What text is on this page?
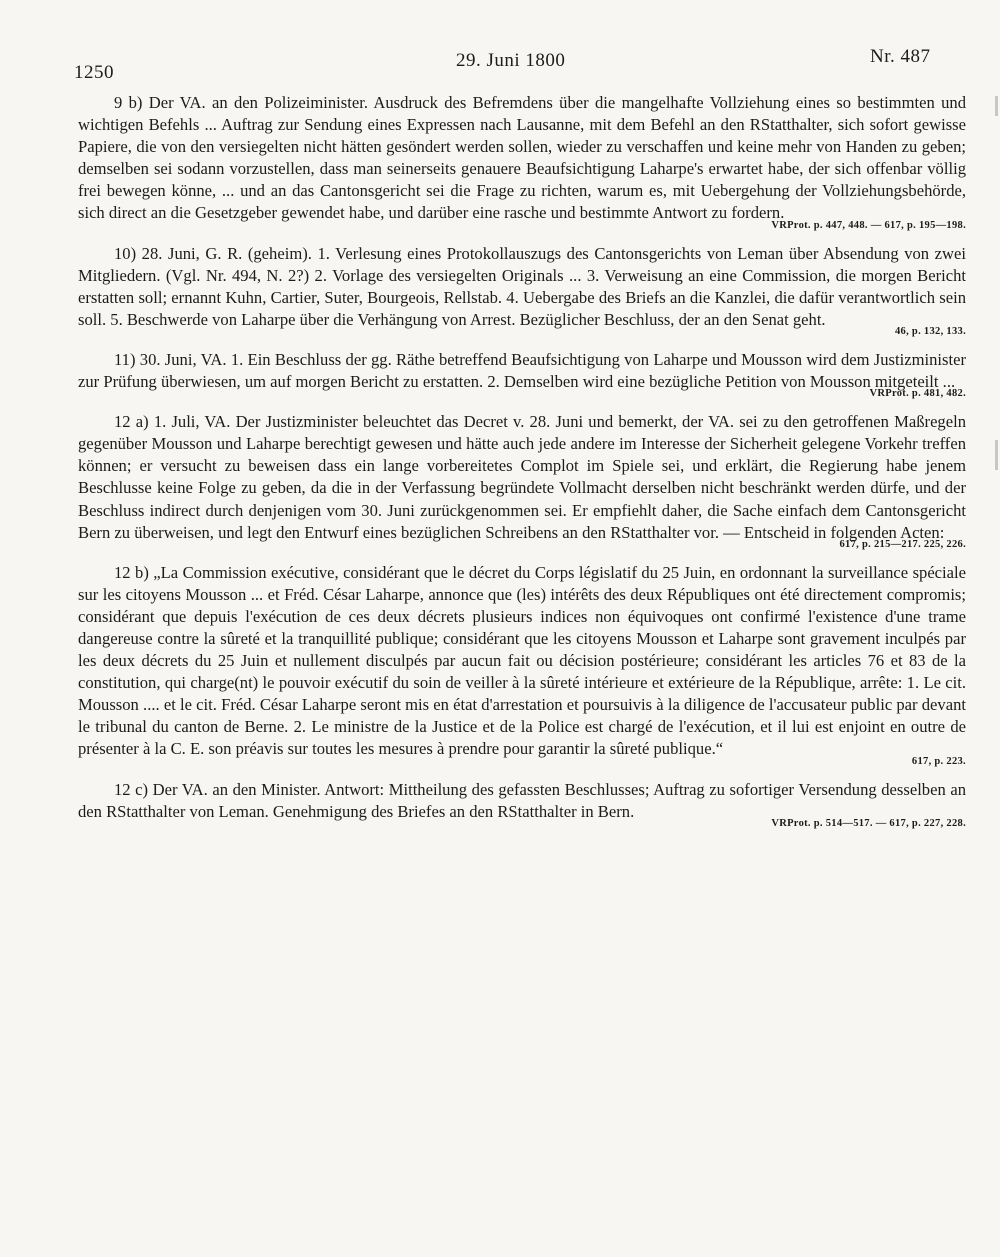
1250
29. Juni 1800	Nr. 487

9 b) Der VA. an den Polizeiminister. Ausdruck des Befremdens über die mangelhafte Vollziehung eines so bestimmten und wichtigen Befehls ... Auftrag zur Sendung eines Expressen nach Lausanne, mit dem Befehl an den RStatthalter, sich sofort gewisse Papiere, die von den versiegelten nicht hätten gesöndert werden sollen, wieder zu verschaffen und keine mehr von Handen zu geben; demselben sei sodann vorzustellen, dass man seinerseits genauere Beaufsichtigung Laharpe's erwartet habe, der sich offenbar völlig frei bewegen könne, ... und an das Cantonsgericht sei die Frage zu richten, warum es, mit Uebergehung der Vollziehungsbehörde, sich direct an die Gesetzgeber gewendet habe, und darüber eine rasche und bestimmte Antwort zu fordern.
VRProt. p. 447, 448. — 617, p. 195—198.

10) 28. Juni, G. R. (geheim). 1. Verlesung eines Protokollauszugs des Cantonsgerichts von Leman über Absendung von zwei Mitgliedern. (Vgl. Nr. 494, N. 2?) 2. Vorlage des versiegelten Originals ... 3. Verweisung an eine Commission, die morgen Bericht erstatten soll; ernannt Kuhn, Cartier, Suter, Bourgeois, Rellstab. 4. Uebergabe des Briefs an die Kanzlei, die dafür verantwortlich sein soll. 5. Beschwerde von Laharpe über die Verhängung von Arrest. Bezüglicher Beschluss, der an den Senat geht.
46, p. 132, 133.

11) 30. Juni, VA. 1. Ein Beschluss der gg. Räthe betreffend Beaufsichtigung von Laharpe und Mousson wird dem Justizminister zur Prüfung überwiesen, um auf morgen Bericht zu erstatten. 2. Demselben wird eine bezügliche Petition von Mousson mitgeteilt ...
VRProt. p. 481, 482.

12 a) 1. Juli, VA. Der Justizminister beleuchtet das Decret v. 28. Juni und bemerkt, der VA. sei zu den getroffenen Maßregeln gegenüber Mousson und Laharpe berechtigt gewesen und hätte auch jede andere im Interesse der Sicherheit gelegene Vorkehr treffen können; er versucht zu beweisen dass ein lange vorbereitetes Complot im Spiele sei, und erklärt, die Regierung habe jenem Beschlusse keine Folge zu geben, da die in der Verfassung begründete Vollmacht derselben nicht beschränkt werden dürfe, und der Beschluss indirect durch denjenigen vom 30. Juni zurückgenommen sei. Er empfiehlt daher, die Sache einfach dem Cantonsgericht Bern zu überweisen, und legt den Entwurf eines bezüglichen Schreibens an den RStatthalter vor. — Entscheid in folgenden Acten:
617, p. 215—217. 225, 226.

12 b) „La Commission exécutive, considérant que le décret du Corps législatif du 25 Juin, en ordonnant la surveillance spéciale sur les citoyens Mousson ... et Fréd. César Laharpe, annonce que (les) intérêts des deux Républiques ont été directement compromis; considérant que depuis l'exécution de ces deux décrets plusieurs indices non équivoques ont confirmé l'existence d'une trame dangereuse contre la sûreté et la tranquillité publique; considérant que les citoyens Mousson et Laharpe sont gravement inculpés par les deux décrets du 25 Juin et nullement disculpés par aucun fait ou décision postérieure; considérant les articles 76 et 83 de la constitution, qui charge(nt) le pouvoir exécutif du soin de veiller à la sûreté intérieure et extérieure de la République, arrête: 1. Le cit. Mousson .... et le cit. Fréd. César Laharpe seront mis en état d'arrestation et poursuivis à la diligence de l'accusateur public par devant le tribunal du canton de Berne. 2. Le ministre de la Justice et de la Police est chargé de l'exécution, et il lui est enjoint en outre de présenter à la C. E. son préavis sur toutes les mesures à prendre pour garantir la sûreté publique.“
617, p. 223.

12 c) Der VA. an den Minister. Antwort: Mittheilung des gefassten Beschlusses; Auftrag zu sofortiger Versendung desselben an den RStatthalter von Leman. Genehmigung des Briefes an den RStatthalter in Bern.
VRProt. p. 514—517. — 617, p. 227, 228.
